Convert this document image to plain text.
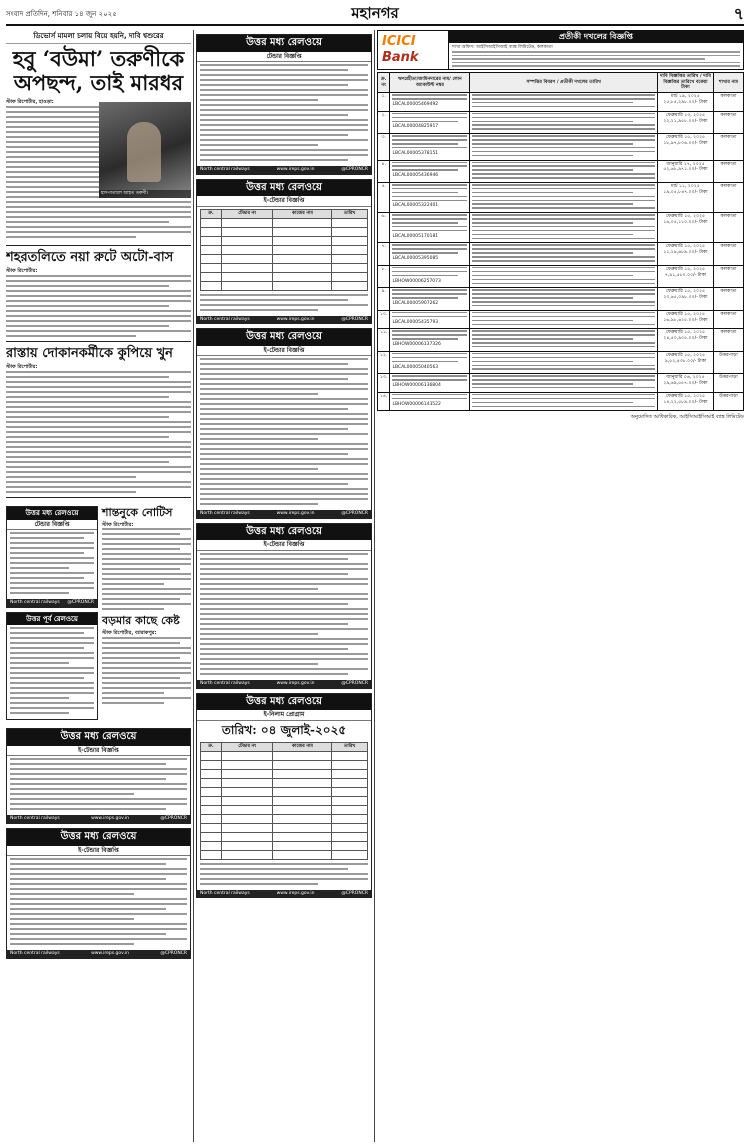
সংবাদ প্রতিদিন, শনিবার ১৪ জুন ২০২৫	মহানগর	৭
ডিভোর্স মামলা চলায় বিয়ে হয়নি, দাবি শ্বশুরের
হবু ‘বউমা’ তরুণীকে অপছন্দ, তাই মারধর
হাসপাতালে আহত তরুণী।
স্টাফ রিপোর্টার, হাওড়া:
শহরতলিতে নয়া রুটে অটো-বাস
স্টাফ রিপোর্টার:
রাস্তায় দোকানকর্মীকে কুপিয়ে খুন
স্টাফ রিপোর্টার:
উত্তর মধ্য রেলওয়ে
টেন্ডার বিজ্ঞপ্তি
North central railways @CPRONCR
উত্তর পূর্ব রেলওয়ে
শান্তনুকে নোটিস
স্টাফ রিপোর্টার:
বড়মার কাছে কেষ্ট
স্টাফ রিপোর্টার, ব্যারাকপুর:
উত্তর মধ্য রেলওয়ে
ই-টেন্ডার বিজ্ঞপ্তি
North central railways	www.ireps.gov.in	@CPRONCR
উত্তর মধ্য রেলওয়ে
ই-টেন্ডার বিজ্ঞপ্তি
North central railways	www.ireps.gov.in	@CPRONCR
উত্তর মধ্য রেলওয়ে
টেন্ডার বিজ্ঞপ্তি
North central railways	www.ireps.gov.in	@CPRONCR
উত্তর মধ্য রেলওয়ে
ই-টেন্ডার বিজ্ঞপ্তি
ক্র.	টেন্ডার নং	কাজের নাম	তারিখ

North central railways	www.ireps.gov.in	@CPRONCR
উত্তর মধ্য রেলওয়ে
ই-টেন্ডার বিজ্ঞপ্তি
North central railways	www.ireps.gov.in	@CPRONCR
উত্তর মধ্য রেলওয়ে
ই-টেন্ডার বিজ্ঞপ্তি
North central railways	www.ireps.gov.in	@CPRONCR
উত্তর মধ্য রেলওয়ে
ই-নিলাম প্রোগ্রাম
তারিখ: ০৪ জুলাই-২০২৫
ক্র.	টেন্ডার নং	কাজের নাম	তারিখ

North central railways	www.ireps.gov.in	@CPRONCR
ICICI Bank
প্রতীকী দখলের বিজ্ঞপ্তি
শাখা অফিস: আইসিআইসিআই ব্যাঙ্ক লিমিটেড, কলকাতা
ক্র. নং	ঋণগ্রহীতা/জামিনদারের নাম/ লোন অ্যাকাউন্ট নম্বর	সম্পত্তির বিবরণ / প্রতীকী দখলের তারিখ	দাবি বিজ্ঞপ্তির তারিখ / দাবি বিজ্ঞপ্তির তারিখে বকেয়া টাকা	শাখার নাম
১.	LBCAL00005469492		মার্চ ১৯, ২০২৫
২৫,৮৫,২৯৮.০০/- টাকা	কলকাতা
২.	LBCAL00004825917		ফেব্রুয়ারি ১৩, ২০২৫
২২,২১,৯৫৮.০০/- টাকা	কলকাতা
৩.	LBCAL00005378151		ফেব্রুয়ারি ১৫, ২০২৫
১৮,৯৭,৮০৬.০০/- টাকা	কলকাতা
৪.	LBCAL00005436946		জানুয়ারি ২৭, ২০২৫
৫২,৬৮,৯৭১.০০/- টাকা	কলকাতা
৫.	LBCAL00005322401		মার্চ ১১, ২০২৫
১৯,০৫,৮৪৭.০০/- টাকা	কলকাতা
৬.	LBCAL00005170181		ফেব্রুয়ারি ১৫, ২০২৫
১৬,০৫,১১০.০০/- টাকা	কলকাতা
৭.	LBCAL00005395085		ফেব্রুয়ারি ১৫, ২০২৫
১১,২৯,৬৮৯.০০/- টাকা	কলকাতা
৮.	LBHOW00006257073		ফেব্রুয়ারি ১৫, ২০২৫
৭,৯১,৫৮০.০০/- টাকা	কলকাতা
৯.	LBCAL00005907262		ফেব্রুয়ারি ১৫, ২০২৫
২০,৬৫,০৯৮.০০/- টাকা	কলকাতা
১০.	LBCAL00005435793		ফেব্রুয়ারি ১৫, ২০২৫
১৬,৯৮,৬২৫.০০/- টাকা	কলকাতা
১১.	LBHOW00006137326		ফেব্রুয়ারি ১৫, ২০২৫
২৪,৫০,৯০৫.০০/- টাকা	কলকাতা
১২.	LBCAL00005040563		ফেব্রুয়ারি ১৫, ২০২৫
৯,৫২,৪৩৮.০০/- টাকা	উত্তরপাড়া
১৩.	LBHOW00006136804		জানুয়ারি ০৬, ২০২৫
২৯,৬৯,৫৫৭.০০/- টাকা	উত্তরপাড়া
১৪.	LBHOW00006143522		ফেব্রুয়ারি ১৫, ২০২৫
১৪,২২,৫৮৯.০০/- টাকা	উত্তরপাড়া
অনুমোদিত আধিকারিক, আইসিআইসিআই ব্যাঙ্ক লিমিটেড
